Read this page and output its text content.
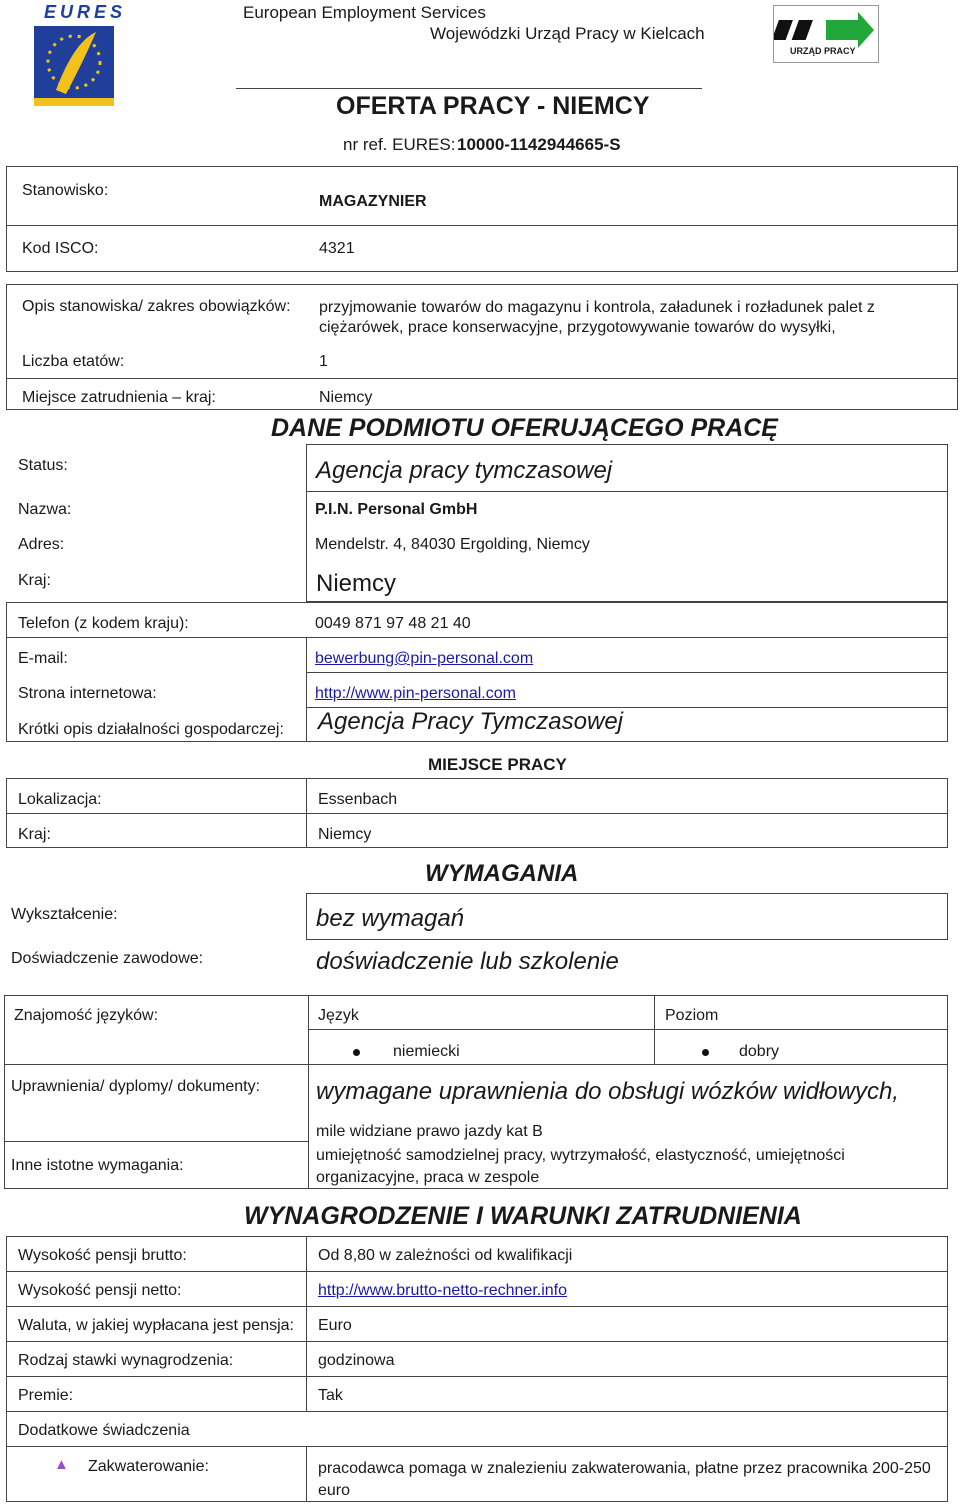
EURES	European Employment Services
Wojewódzki Urząd Pracy w Kielcach
URZĄD PRACY
OFERTA PRACY - NIEMCY
nr ref. EURES: 10000-1142944665-S
Stanowisko:
MAGAZYNIER
Kod ISCO:	4321
Opis stanowiska/ zakres obowiązków: przyjmowanie towarów do magazynu i kontrola, załadunek i rozładunek palet z ciężarówek, prace konserwacyjne, przygotowywanie towarów do wysyłki,
Liczba etatów:	1
Miejsce zatrudnienia – kraj:	Niemcy
DANE PODMIOTU OFERUJĄCEGO PRACĘ
Status:	Agencja pracy tymczasowej
Nazwa:	P.I.N. Personal GmbH
Adres:	Mendelstr. 4, 84030 Ergolding, Niemcy
Kraj:	Niemcy
Telefon (z kodem kraju):	0049 871 97 48 21 40
E-mail:	bewerbung@pin-personal.com
Strona internetowa:	http://www.pin-personal.com
Krótki opis działalności gospodarczej: Agencja Pracy Tymczasowej
MIEJSCE PRACY
Lokalizacja:	Essenbach
Kraj:	Niemcy
WYMAGANIA
Wykształcenie:	bez wymagań
Doświadczenie zawodowe:	doświadczenie lub szkolenie
Znajomość języków:	Język	Poziom
niemiecki	dobry
Uprawnienia/ dyplomy/ dokumenty: wymagane uprawnienia do obsługi wózków widłowych,
mile widziane prawo jazdy kat B
Inne istotne wymagania:
umiejętność samodzielnej pracy, wytrzymałość, elastyczność, umiejętności organizacyjne, praca w zespole
WYNAGRODZENIE I WARUNKI ZATRUDNIENIA
Wysokość pensji brutto:	Od 8,80 w zależności od kwalifikacji
Wysokość pensji netto:	http://www.brutto-netto-rechner.info
Waluta, w jakiej wypłacana jest pensja: Euro
Rodzaj stawki wynagrodzenia:	godzinowa
Premie:	Tak
Dodatkowe świadczenia
▲ Zakwaterowanie:	pracodawca pomaga w znalezieniu zakwaterowania, płatne przez pracownika 200-250 euro
